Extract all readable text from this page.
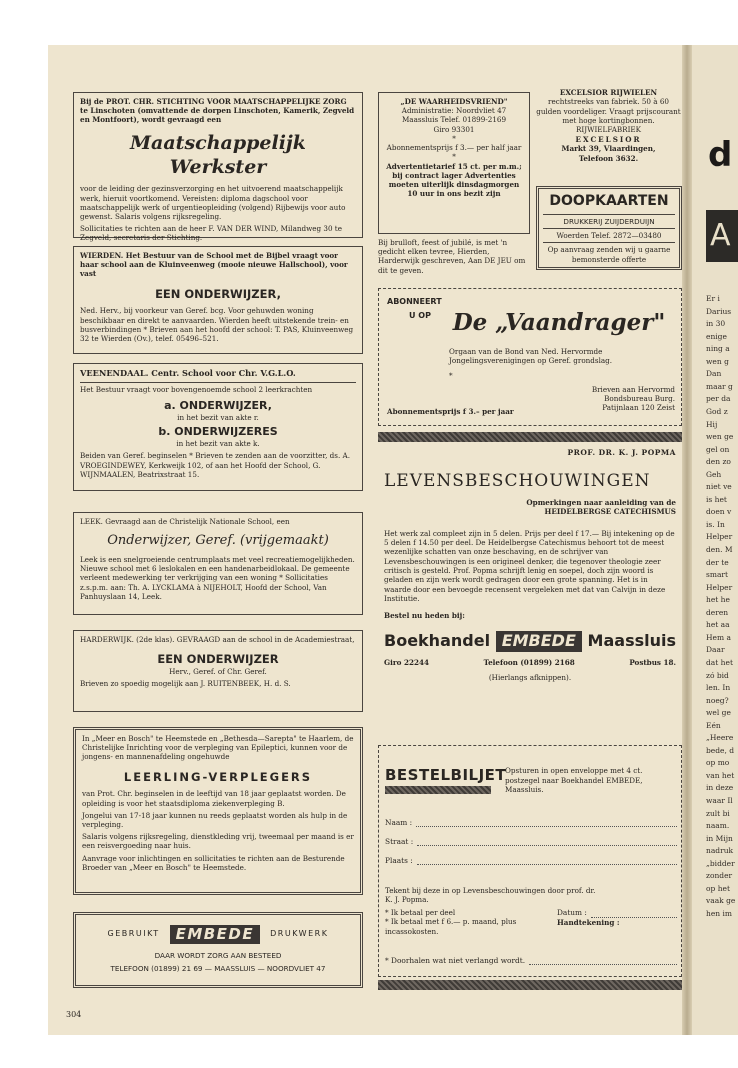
d
A
Er i
Darius
in 30
enige
ning a
wen g
Dan
maar g
per da
God z
Hij
wen ge
gel on
den zo
Geh
niet ve
is het
doen v
is. In
Helper
den. M
der te
smart
Helper
het he
deren
het aa
Hem a
Daar
dat het
zó bid
len. In
noeg?
wel ge
Eén
„Heere
bede, d
op mo
van het
in deze
waar Il
zult bi
naam.
in Mijn
nadruk
„bidder
zonder
op het
vaak ge
hen im
Bij de PROT. CHR. STICHTING VOOR MAATSCHAPPELIJKE ZORG te Linschoten (omvattende de dorpen Linschoten, Kamerik, Zegveld en Montfoort), wordt gevraagd een
Maatschappelijk Werkster
voor de leiding der gezinsverzorging en het uitvoerend maatschappelijk werk, hieruit voortkomend. Vereisten: diploma dagschool voor maatschappelijk werk of urgentieopleiding (volgend) Rijbewijs voor auto gewenst. Salaris volgens rijksregeling.
Sollicitaties te richten aan de heer F. VAN DER WIND, Milandweg 30 te Zegveld, secretaris der Stichting.
WIERDEN. Het Bestuur van de School met de Bijbel vraagt voor haar school aan de Kluinveenweg (mooie nieuwe Hallschool), voor vast
EEN ONDERWIJZER,
Ned. Herv., bij voorkeur van Geref. bcg. Voor gehuwden woning beschikbaar en direkt te aanvaarden. Wierden heeft uitstekende trein- en busverbindingen * Brieven aan het hoofd der school: T. PAS, Kluinveenweg 32 te Wierden (Ov.), telef. 05496–521.
VEENENDAAL. Centr. School voor Chr. V.G.L.O.
Het Bestuur vraagt voor bovengenoemde school 2 leerkrachten
a. ONDERWIJZER,
in het bezit van akte r.
b. ONDERWIJZERES
in het bezit van akte k.
Beiden van Geref. beginselen * Brieven te zenden aan de voorzitter, ds. A. VROEGINDEWEY, Kerkweijk 102, of aan het Hoofd der School, G. WIJNMAALEN, Beatrixstraat 15.
LEEK. Gevraagd aan de Christelijk Nationale School, een
Onderwijzer, Geref. (vrijgemaakt)
Leek is een snelgroeiende centrumplaats met veel recreatiemogelijkheden. Nieuwe school met 6 leslokalen en een handenarbeidlokaal. De gemeente verleent medewerking ter verkrijging van een woning * Sollicitaties z.s.p.m. aan: Th. A. LYCKLAMA à NIJEHOLT, Hoofd der School, Van Panhuyslaan 14, Leek.
HARDERWIJK. (2de klas). GEVRAAGD aan de school in de Academiestraat,
EEN ONDERWIJZER
Herv., Geref. of Chr. Geref.
Brieven zo spoedig mogelijk aan J. RUITENBEEK, H. d. S.
In „Meer en Bosch" te Heemstede en „Bethesda—Sarepta" te Haarlem, de Christelijke Inrichting voor de verpleging van Epileptici, kunnen voor de jongens- en mannenafdeling ongehuwde
LEERLING-VERPLEGERS
van Prot. Chr. beginselen in de leeftijd van 18 jaar geplaatst worden. De opleiding is voor het staatsdiploma ziekenverpleging B.
Jongelui van 17-18 jaar kunnen nu reeds geplaatst worden als hulp in de verpleging.
Salaris volgens rijksregeling, dienstkleding vrij, tweemaal per maand is er een reisvergoeding naar huis.
Aanvrage voor inlichtingen en sollicitaties te richten aan de Besturende Broeder van „Meer en Bosch" te Heemstede.
GEBRUIKT	EMBEDE	DRUKWERK
DAAR WORDT ZORG AAN BESTEED
TELEFOON (01899) 21 69 — MAASSLUIS — NOORDVLIET 47
304
„DE WAARHEIDSVRIEND"
Administratie: Noordvliet 47
Maassluis Telef. 01899-2169
Giro 93301
*
Abonnementsprijs f 3.— per half jaar
*
Advertentietarief 15 ct. per m.m.; bij contract lager Advertenties moeten uiterlijk dinsdagmorgen 10 uur in ons bezit zijn
Bij brulloft, feest of jubilé, is met 'n gedicht elken tevree, Hierden, Harderwijk geschreven, Aan DE JEU om dit te geven.
EXCELSIOR RIJWIELEN
rechtstreeks van fabriek. 50 à 60 gulden voordeliger. Vraagt prijscourant met hoge kortingbonnen.
RIJWIELFABRIEK
EXCELSIOR
Markt 39, Vlaardingen,
Telefoon 3632.
DOOPKAARTEN
DRUKKERIJ ZUIJDERDUIJN
Woerden Telef. 2872—03480
Op aanvraag zenden wij u gaarne bemonsterde offerte
ABONNEERT
U OP De „Vaandrager"
Orgaan van de Bond van Ned. Hervormde Jongelingsverenigingen op Geref. grondslag.
*
Abonnementsprijs f 3.– per jaar
Brieven aan Hervormd Bondsbureau Burg. Patijnlaan 120 Zeist
PROF. DR. K. J. POPMA
LEVENSBESCHOUWINGEN
Opmerkingen naar aanleiding van de HEIDELBERGSE CATECHISMUS
Het werk zal compleet zijn in 5 delen. Prijs per deel f 17.— Bij intekening op de 5 delen f 14.50 per deel. De Heidelbergse Catechismus behoort tot de meest wezenlijke schatten van onze beschaving, en de schrijver van Levensbeschouwingen is een origineel denker, die tegenover theologie zeer critisch is gesteld. Prof. Popma schrijft lenig en soepel, doch zijn woord is geladen en zijn werk wordt gedragen door een grote spanning. Het is in waarde door een bevoegde recensent vergeleken met dat van Calvijn in deze Institutie.
Bestel nu heden bij:
Boekhandel EMBEDE Maassluis
Giro 22244	Telefoon (01899) 2168	Postbus 18.
(Hierlangs afknippen).
BESTELBILJET
Opsturen in open enveloppe met 4 ct. postzegel naar Boekhandel EMBEDE, Maassluis.
Naam :
Straat :
Plaats :
Tekent bij deze in op Levensbeschouwingen door prof. dr. K. J. Popma.
* Ik betaal per deel
* Ik betaal met f 6.— p. maand, plus incassokosten.
Datum :
Handtekening :
* Doorhalen wat niet verlangd wordt.
